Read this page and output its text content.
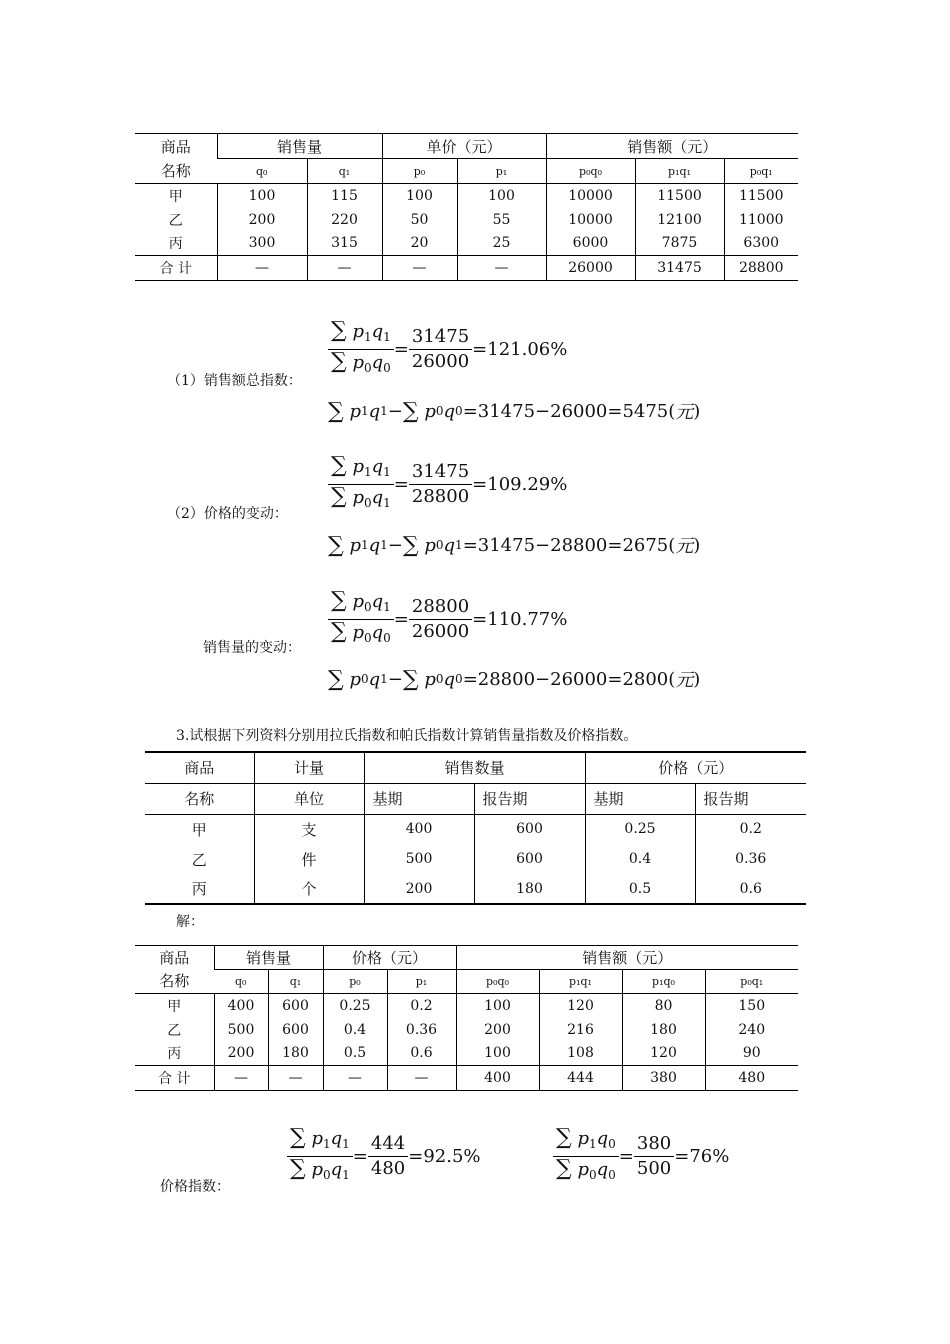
商品
名称	销售量		单价（元）		销售额（元）		
	q₀	q₁	p₀	p₁	p₀q₀	p₁q₁	p₀q₁
甲	100	115	100	100	10000	11500	11500
乙	200	220	50	55	10000	12100	11000
丙	300	315	20	25	6000	7875	6300
合 计	—	—	—	—	26000	31475	28800
（1）销售额总指数：
$\frac{\sum p_1q_1}{\sum p_0q_0} = \frac{31475}{26000} =121.06\%$
∑
p 1 q 1 − ∑
p 0 q 0 =31475−26000=5475 ( 元 )
（2）价格的变动： $\frac{\sum p_1q_1}{\sum p_0q_1} = \frac{31475}{28800} =109.29\%$
∑
p 1 q 1 − ∑
p 0 q 1 =31475−28800=2675 ( 元 )
销售量的变动： $\frac{\sum p_0q_1}{\sum p_0q_0} = \frac{28800}{26000} =110.77\%$
∑
p 0 q 1 − ∑
p 0 q 0 =28800−26000=2800 ( 元 )
3.试根据下列资料分别用拉氏指数和帕氏指数计算销售量指数及价格指数。
商品	计量	销售数量		价格（元）	
名称	单位	基期	报告期	基期	报告期
甲	支	400	600	0.25	0.2
乙	件	500	600	0.4	0.36
丙	个	200	180	0.5	0.6
解：
商品
名称	销售量		价格（元）		销售额（元）			
	q₀	q₁	p₀	p₁	p₀q₀	p₁q₁	p₁q₀	p₀q₁
甲	400	600	0.25	0.2	100	120	80	150
乙	500	600	0.4	0.36	200	216	180	240
丙	200	180	0.5	0.6	100	108	120	90
合 计	—	—	—	—	400	444	380	480
价格指数：
$\frac{\sum p_1q_1}{\sum p_0q_1} = \frac{444}{480} =92.5\%$	$\frac{\sum p_1q_0}{\sum p_0q_0} = \frac{380}{500} =76\%$
